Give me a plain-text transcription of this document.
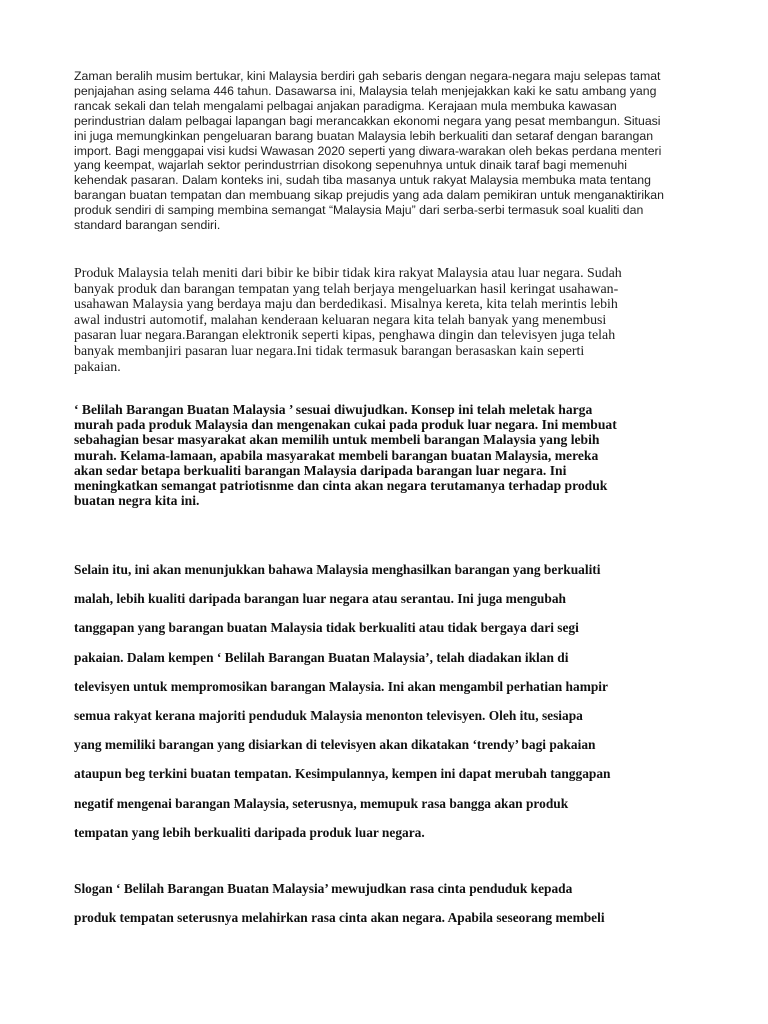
Zaman beralih musim bertukar, kini Malaysia berdiri gah sebaris dengan negara-negara maju selepas tamat
penjajahan asing selama 446 tahun. Dasawarsa ini, Malaysia telah menjejakkan kaki ke satu ambang yang
rancak sekali dan telah mengalami pelbagai anjakan paradigma. Kerajaan mula membuka kawasan
perindustrian dalam pelbagai lapangan bagi merancakkan ekonomi negara yang pesat membangun. Situasi
ini juga memungkinkan pengeluaran barang buatan Malaysia lebih berkualiti dan setaraf dengan barangan
import. Bagi menggapai visi kudsi Wawasan 2020 seperti yang diwara-warakan oleh bekas perdana menteri
yang keempat, wajarlah sektor perindustrrian disokong sepenuhnya untuk dinaik taraf bagi memenuhi
kehendak pasaran. Dalam konteks ini, sudah tiba masanya untuk rakyat Malaysia membuka mata tentang
barangan buatan tempatan dan membuang sikap prejudis yang ada dalam pemikiran untuk menganaktirikan
produk sendiri di samping membina semangat “Malaysia Maju” dari serba-serbi termasuk soal kualiti dan
standard barangan sendiri.
Produk Malaysia telah meniti dari bibir ke bibir tidak kira rakyat Malaysia atau luar negara. Sudah
banyak produk dan barangan tempatan yang telah berjaya mengeluarkan hasil keringat usahawan-
usahawan Malaysia yang berdaya maju dan berdedikasi. Misalnya kereta, kita telah merintis lebih
awal industri automotif, malahan kenderaan keluaran negara kita telah banyak yang menembusi
pasaran luar negara.Barangan elektronik seperti kipas, penghawa dingin dan televisyen juga telah
banyak membanjiri pasaran luar negara.Ini tidak termasuk barangan berasaskan kain seperti
pakaian.
‘ Belilah Barangan Buatan Malaysia ’ sesuai diwujudkan. Konsep ini telah meletak harga
murah pada produk Malaysia dan mengenakan cukai pada produk luar negara. Ini membuat
sebahagian besar masyarakat akan memilih untuk membeli barangan Malaysia yang lebih
murah. Kelama-lamaan, apabila masyarakat membeli barangan buatan Malaysia, mereka
akan sedar betapa berkualiti barangan Malaysia daripada barangan luar negara. Ini
meningkatkan semangat patriotisnme dan cinta akan negara terutamanya terhadap produk
buatan negra kita ini.
Selain itu, ini akan menunjukkan bahawa Malaysia menghasilkan barangan yang berkualiti
malah, lebih kualiti daripada barangan luar negara atau serantau. Ini juga mengubah
tanggapan yang barangan buatan Malaysia tidak berkualiti atau tidak bergaya dari segi
pakaian. Dalam kempen ‘ Belilah Barangan Buatan Malaysia’, telah diadakan iklan di
televisyen untuk mempromosikan barangan Malaysia. Ini akan mengambil perhatian hampir
semua rakyat kerana majoriti penduduk Malaysia menonton televisyen. Oleh itu, sesiapa
yang memiliki barangan yang disiarkan di televisyen akan dikatakan ‘trendy’ bagi pakaian
ataupun beg terkini buatan tempatan. Kesimpulannya, kempen ini dapat merubah tanggapan
negatif mengenai barangan Malaysia, seterusnya, memupuk rasa bangga akan produk
tempatan yang lebih berkualiti daripada produk luar negara.
Slogan ‘ Belilah Barangan Buatan Malaysia’ mewujudkan rasa cinta penduduk kepada
produk tempatan seterusnya melahirkan rasa cinta akan negara. Apabila seseorang membeli
